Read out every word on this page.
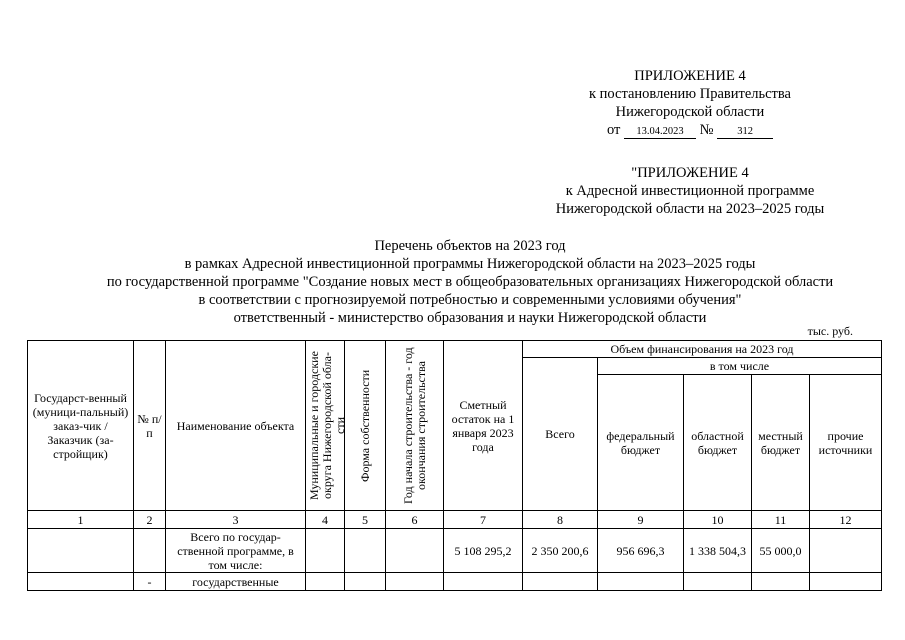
ПРИЛОЖЕНИЕ 4
к постановлению Правительства
Нижегородской области
от 13.04.2023 № 312
"ПРИЛОЖЕНИЕ 4
к Адресной инвестиционной программе
Нижегородской области на 2023–2025 годы
Перечень объектов на 2023 год
в рамках Адресной инвестиционной программы Нижегородской области на 2023–2025 годы
по государственной программе "Создание новых мест в общеобразовательных организациях Нижегородской области
в соответствии с прогнозируемой потребностью и современными условиями обучения"
ответственный - министерство образования и науки Нижегородской области
тыс. руб.
Государст-венный (муници-пальный) заказ-чик / Заказчик (за-стройщик)	№ п/п	Наименование объекта	Муниципальные и городские округа Нижегородской обла-сти	Форма собственности	Год начала строительства - год окончания строительства	Сметный остаток на 1 января 2023 года	Объем финансирования на 2023 год				
							Всего	в том числе			
								федеральный бюджет	областной бюджет	местный бюджет	прочие источники
1	2	3	4	5	6	7	8	9	10	11	12
		Всего по государ-ственной программе, в том числе:				5 108 295,2	2 350 200,6	956 696,3	1 338 504,3	55 000,0	
	-	государственные									
